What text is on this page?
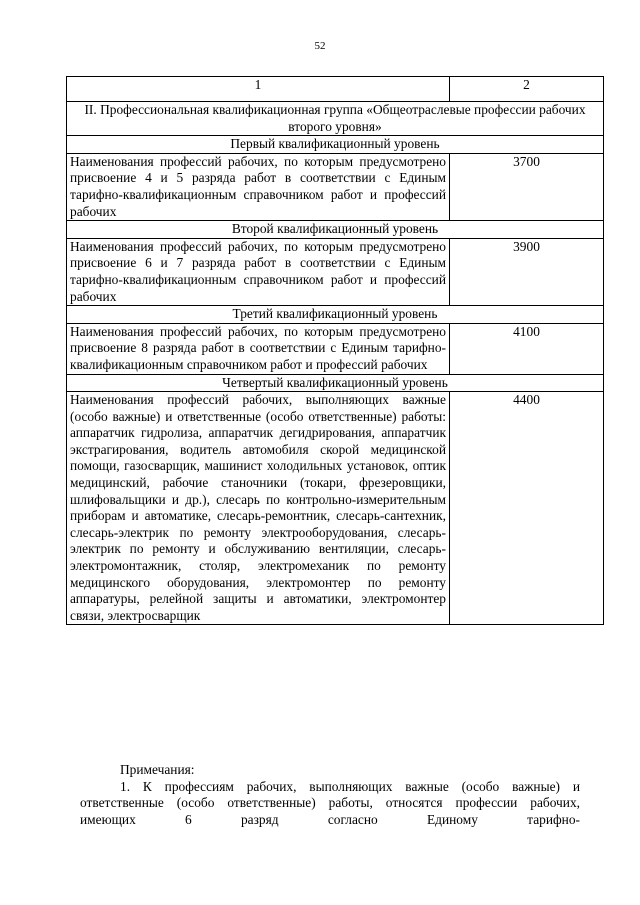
52
1	2
II. Профессиональная квалификационная группа «Общеотраслевые профессии рабочих второго уровня»	
Первый квалификационный уровень	
Наименования профессий рабочих, по которым предусмотрено присвоение 4 и 5 разряда работ в соответствии с Единым тарифно-квалификационным справочником работ и профессий рабочих	3700
Второй квалификационный уровень	
Наименования профессий рабочих, по которым предусмотрено присвоение 6 и 7 разряда работ в соответствии с Единым тарифно-квалификационным справочником работ и профессий рабочих	3900
Третий квалификационный уровень	
Наименования профессий рабочих, по которым предусмотрено присвоение 8 разряда работ в соответствии с Единым тарифно-квалификационным справочником работ и профессий рабочих	4100
Четвертый квалификационный уровень	
Наименования профессий рабочих, выполняющих важные (особо важные) и ответственные (особо ответственные) работы: аппаратчик гидролиза, аппаратчик дегидрирования, аппаратчик экстрагирования, водитель автомобиля скорой медицинской помощи, газосварщик, машинист холодильных установок, оптик медицинский, рабочие станочники (токари, фрезеровщики, шлифовальщики и др.), слесарь по контрольно-измерительным приборам и автоматике, слесарь-ремонтник, слесарь-сантехник, слесарь-электрик по ремонту электрооборудования, слесарь-электрик по ремонту и обслуживанию вентиляции, слесарь-электромонтажник, столяр, электромеханик по ремонту медицинского оборудования, электромонтер по ремонту аппаратуры, релейной защиты и автоматики, электромонтер связи, электросварщик	4400
Примечания:
1. К профессиям рабочих, выполняющих важные (особо важные) и ответственные (особо ответственные) работы, относятся профессии рабочих, имеющих 6 разряд согласно Единому тарифно-
